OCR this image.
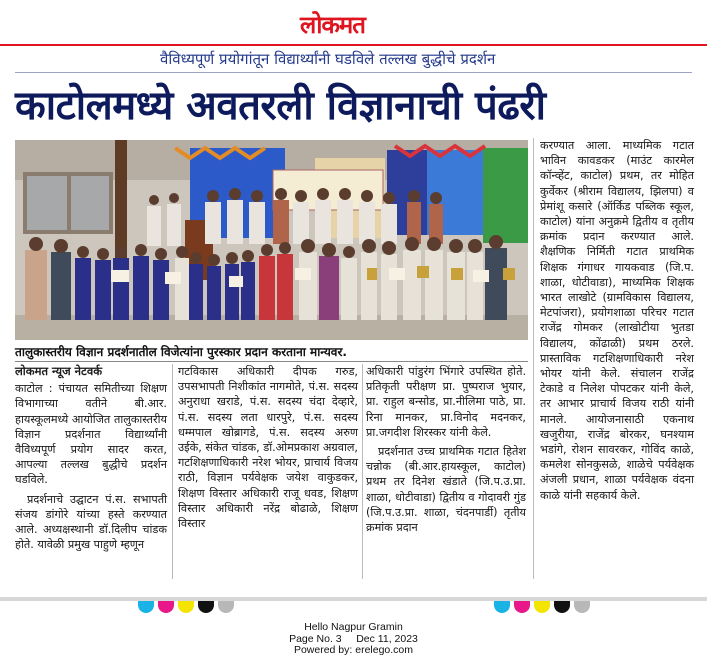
लोकमत
वैविध्यपूर्ण प्रयोगांतून विद्यार्थ्यांनी घडविले तल्लख बुद्धीचे प्रदर्शन
काटोलमध्ये अवतरली विज्ञानाची पंढरी
तालुकास्तरीय विज्ञान प्रदर्शनातील विजेत्यांना पुरस्कार प्रदान करताना मान्यवर.
लोकमत न्यूज नेटवर्क

काटोल : पंचायत समितीच्या शिक्षण विभागाच्या वतीने बी.आर. हायस्कूलमध्ये आयोजित तालुकास्तरीय विज्ञान प्रदर्शनात विद्यार्थ्यांनी वैविध्यपूर्ण प्रयोग सादर करत, आपल्या तल्लख बुद्धीचे प्रदर्शन घडविले.

प्रदर्शनाचे उद्घाटन पं.स. सभापती संजय डांगोरे यांच्या हस्ते करण्यात आले. अध्यक्षस्थानी डॉ.दिलीप चांडक होते. यावेळी प्रमुख पाहुणे म्हणून

गटविकास अधिकारी दीपक गरुड, उपसभापती निशीकांत नागमोते, पं.स. सदस्य अनुराधा खराडे, पं.स. सदस्य चंदा देव्हारे, पं.स. सदस्य लता धारपुरे, पं.स. सदस्य धम्मपाल खोब्रागडे, पं.स. सदस्य अरुण उईके, संकेत चांडक, डॉ.ओमप्रकाश अग्रवाल, गटशिक्षणाधिकारी नरेश भोयर, प्राचार्य विजय राठी, विज्ञान पर्यवेक्षक जयेश वाकुडकर, शिक्षण विस्तार अधिकारी राजू धवड, शिक्षण विस्तार अधिकारी नरेंद्र बोढाळे, शिक्षण विस्तार

अधिकारी पांडुरंग भिंगारे उपस्थित होते. प्रतिकृती परीक्षण प्रा. पुष्पराज भुयार, प्रा. राहुल बन्सोड, प्रा.नीलिमा पाठे, प्रा. रिना मानकर, प्रा.विनोद मदनकर, प्रा.जगदीश शिरस्कर यांनी केले.

प्रदर्शनात उच्च प्राथमिक गटात हितेश चन्नोक (बी.आर.हायस्कूल, काटोल) प्रथम तर दिनेश खंडाते (जि.प.उ.प्रा. शाळा, धोटीवाडा) द्वितीय व गोदावरी गुंड (जि.प.उ.प्रा. शाळा, चंदनपार्डी) तृतीय क्रमांक प्रदान

करण्यात आला. माध्यमिक गटात भाविन कावडकर (माउंट कारमेल कॉन्व्हेंट, काटोल) प्रथम, तर मोहित कुर्वेकर (श्रीराम विद्यालय, झिलपा) व प्रेमांशू कसारे (ऑर्किड पब्लिक स्कूल, काटोल) यांना अनुक्रमे द्वितीय व तृतीय क्रमांक प्रदान करण्यात आले. शैक्षणिक निर्मिती गटात प्राथमिक शिक्षक गंगाधर गायकवाड (जि.प. शाळा, धोटीवाडा), माध्यमिक शिक्षक भारत लाखोटे (ग्रामविकास विद्यालय, मेटपांजरा), प्रयोगशाळा परिचर गटात राजेंद्र गोमकर (लाखोटीया भुतडा विद्यालय, कोंढाळी) प्रथम ठरले. प्रास्ताविक गटशिक्षणाधिकारी नरेश भोयर यांनी केले. संचालन राजेंद्र टेकाडे व निलेश पोपटकर यांनी केले, तर आभार प्राचार्य विजय राठी यांनी मानले. आयोजनासाठी एकनाथ खजुरीया, राजेंद्र बोरकर, घनश्याम भडांगे, रोशन सावरकर, गोविंद काळे, कमलेश सोनकुसळे, शाळेचे पर्यवेक्षक अंजली प्रधान, शाळा पर्यवेक्षक वंदना काळे यांनी सहकार्य केले.

Hello Nagpur Gramin
Page No. 3     Dec 11, 2023
Powered by: erelego.com
